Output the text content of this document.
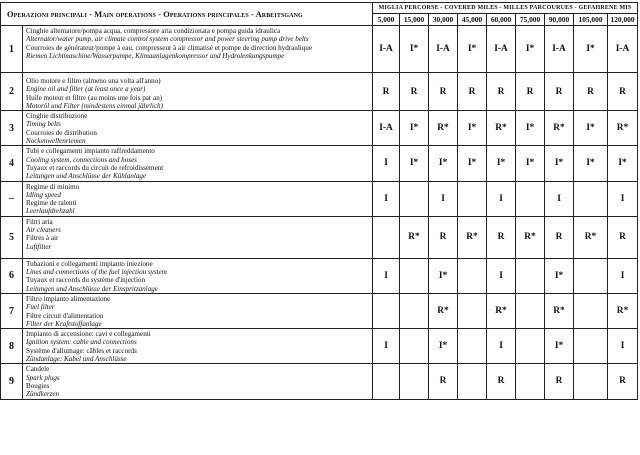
Operazioni principali - Main operations - Operations principales - Arbeitsgang		MIGLIA PERCORSE - COVERED MILES - MILLES PARCOURUES - GEFAHRENE MIS								
		5,000	15,000	30,000	45,000	60,000	75,000	90,000	105,000	120,000
1	Cinghie alternatore/pompa acqua, compressore aria condizionata e pompa guida idraulica
Alternator/water pump, air climate control system compressor and power steering pump drive belts
Courroies de générateur/pompe à eau, compresseur à air climatisé et pompe de direction hydraulique
Riemen Lichtmaschine/Wasserpumpe, Klimaanlagenkompressor und Hydrolenkungspumpe	I-A	I*	I-A	I*	I-A	I*	I-A	I*	I-A
2	Olio motore e filtro (almeno una volta all'anno)
Engine oil and filter (at least once a year)
Huile moteur et filtre (au moins une fois par an)
Motoröl und Filter (mindestens einmal jährlich)	R	R	R	R	R	R	R	R	R
3	Cinghie distribuzione
Timing belts
Courroies de distribution
Nockenwellenriemen	I-A	I*	R*	I*	R*	I*	R*	I*	R*
4	Tubi e collegamenti impianto raffreddamento
Cooling system, connections and hoses
Tuyaux et raccords du circuit de refroidissement
Leitungen und Anschlüsse der Kühlanlage	I	I*	I*	I*	I*	I*	I*	I*	I*
–	Regime di minimo
Idling speed
Regime de ralenti
Leerlaufdrehzahl	I		I		I		I		I
5	Filtri aria
Air cleaners
Filtres à air
Luftfilter		R*	R	R*	R	R*	R	R*	R
6	Tubazioni e collegamenti impianto iniezione
Lines and connections of the fuel injection system
Tuyaux et raccords du système d'injection
Leitungen und Anschlüsse der Einspritzanlage	I		I*		I		I*		I
7	Filtro impianto alimentazione
Fuel filter
Filtre circuit d'alimentation
Filter der Kraftstoffanlage			R*		R*		R*		R*
8	Impianto di accensione: cavi e collegamenti
Ignition system: cable and connections
Système d'allumage: câbles et raccords
Zündanlage: Kabel und Anschlüsse	I		I*		I		I*		I
9	Candele
Spark plugs
Bougies
Zündkerzen			R		R		R		R
